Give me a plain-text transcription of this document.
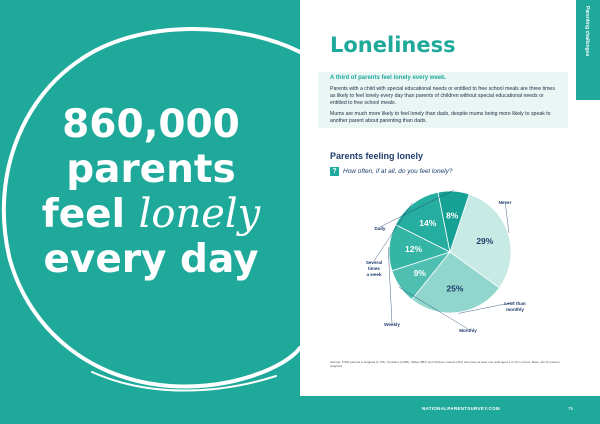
860,000
parents
feel lonely
every day
Parenting challenges
Loneliness

A third of parents feel lonely every week.

Parents with a child with special educational needs or entitled to free school meals are three times as likely to feel lonely every day than parents of children without special educational needs or entitled to free school meals.

Mums are much more likely to feel lonely than dads, despite mums being more likely to speak to another parent about parenting than dads.

Parents feeling lonely
? How often, if at all, do you feel lonely?
29%
Never
25%
Less than monthly
9%
Monthly
12%
Weekly
14%
Several times a week
8%
Daily

Sample: 5,966 parents in England (1,751), Scotland (1,806), Wales (887) and Northern Ireland (361) who have at least one child aged 4 to 16 in school. Base: All UK parents, weighted.

NATIONALPARENTSURVEY.COM	75
